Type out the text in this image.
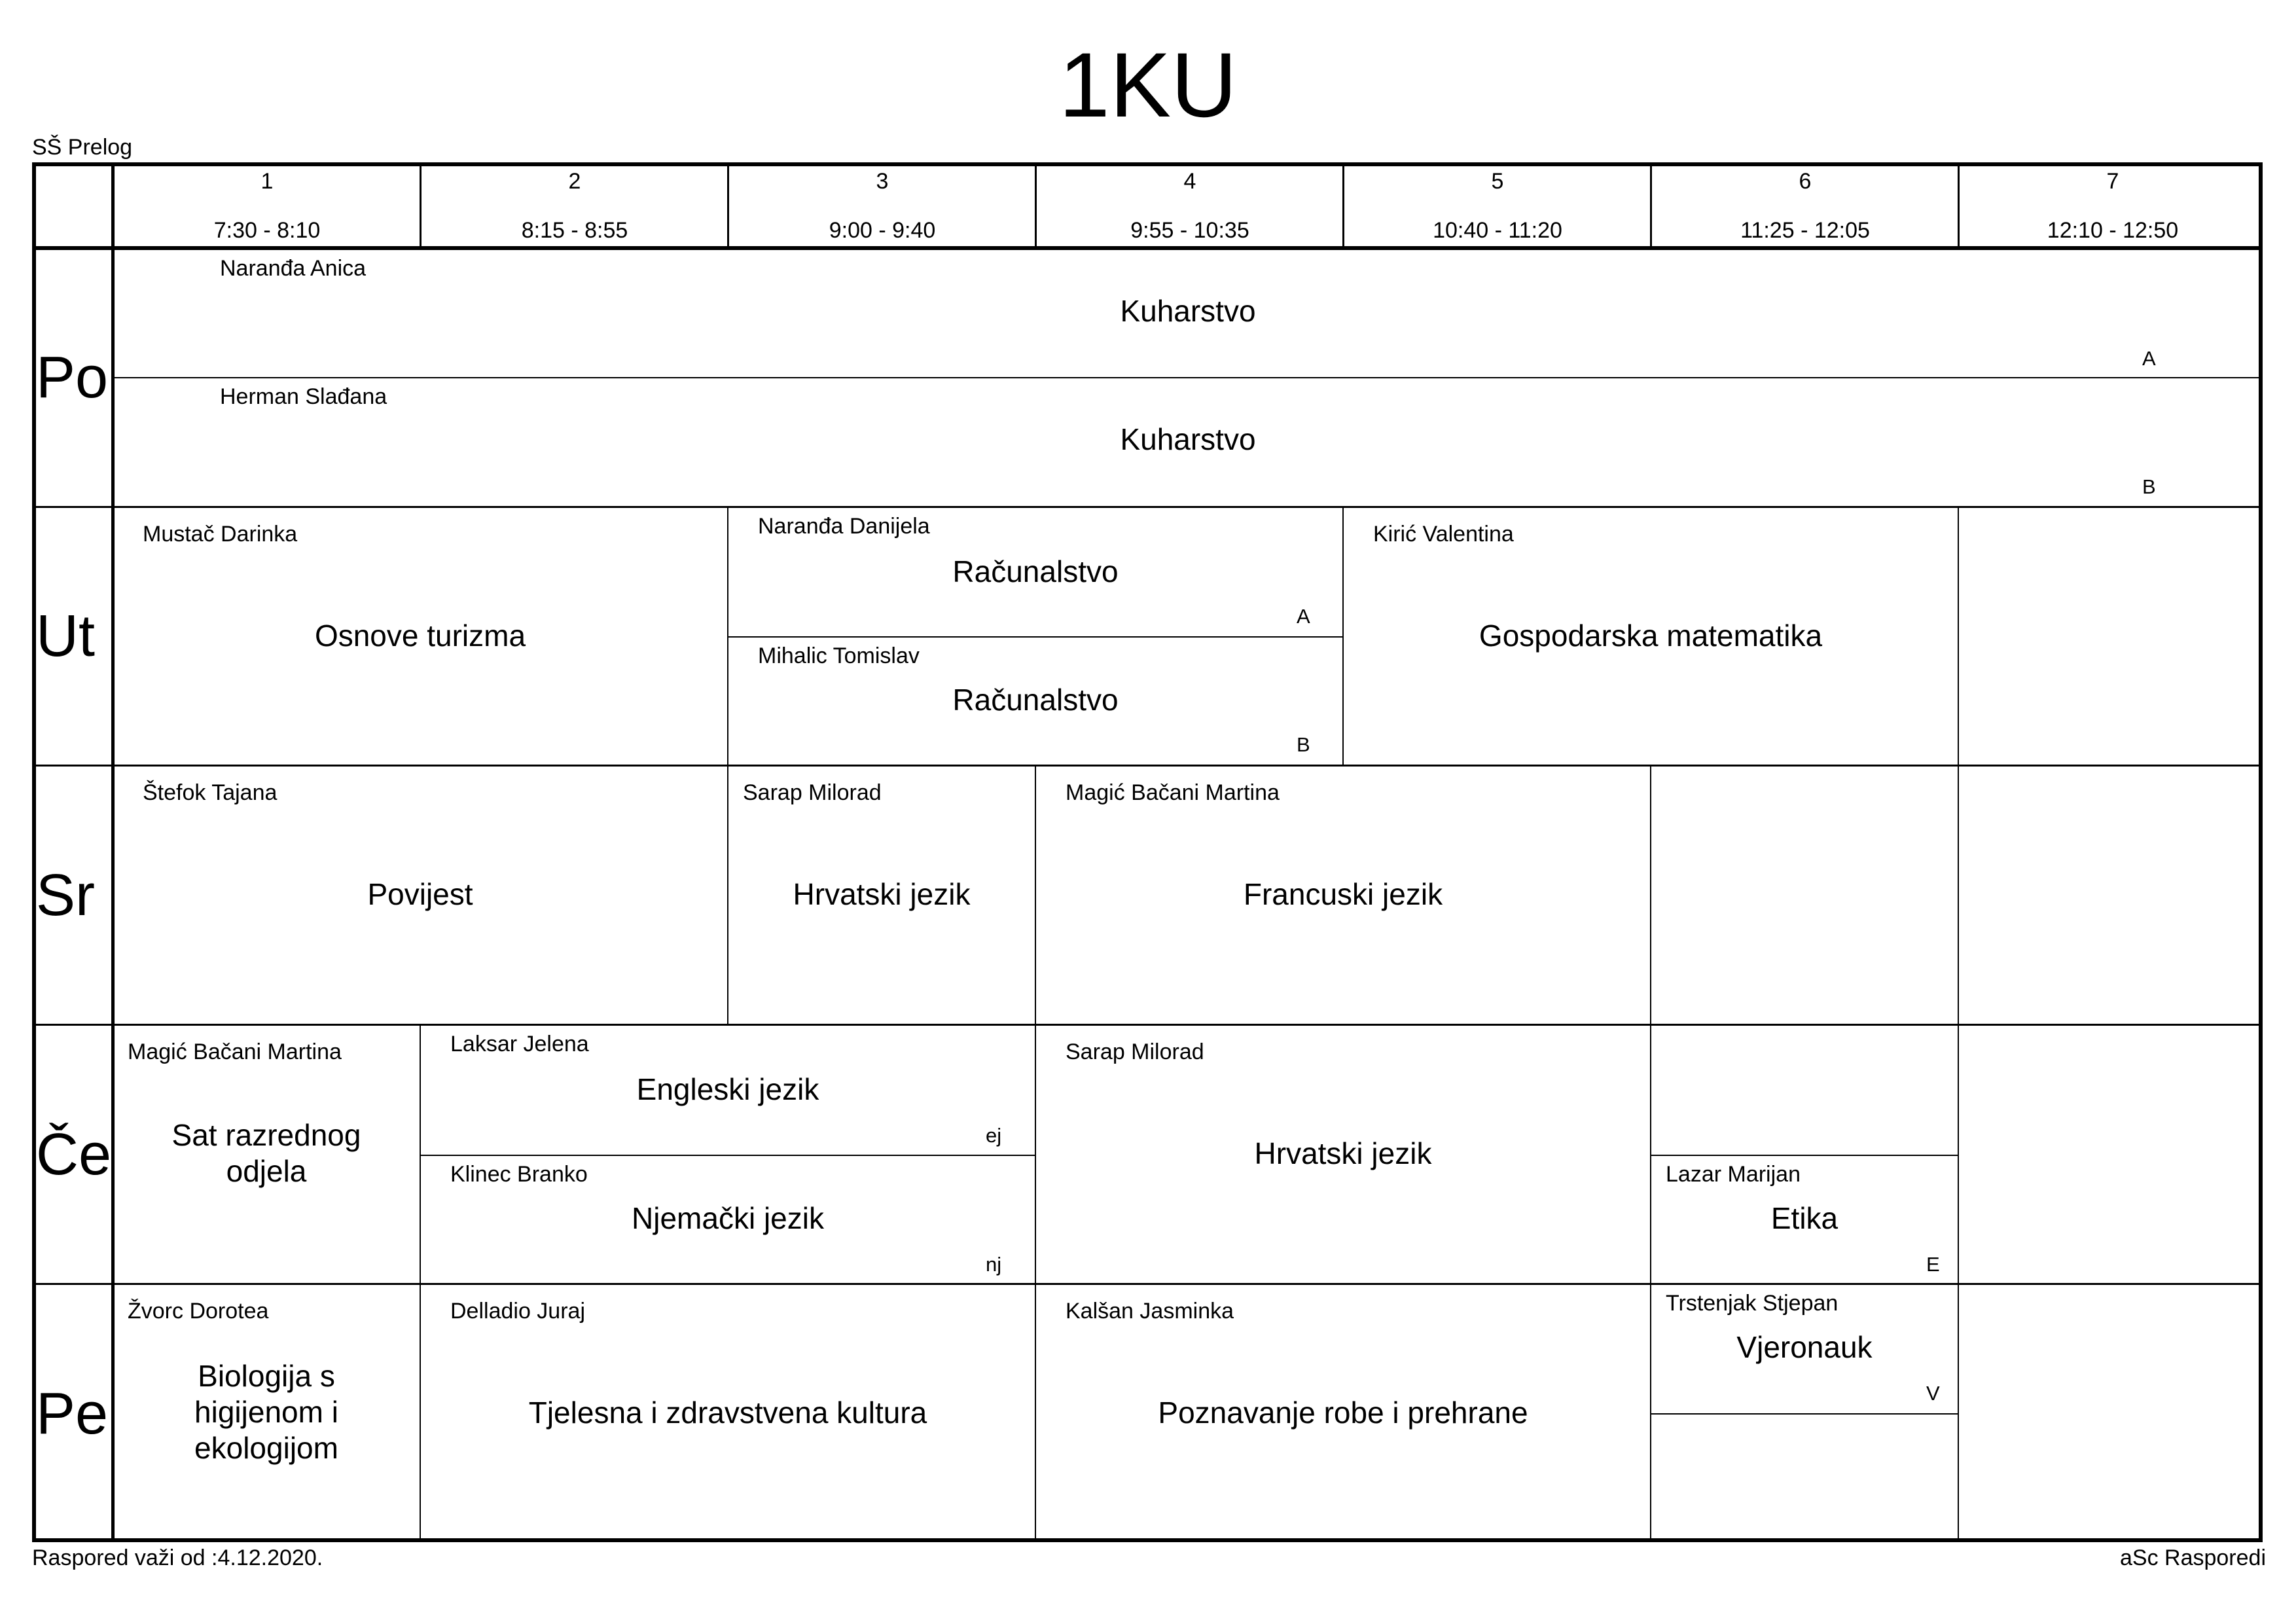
1KU
SŠ Prelog
1
7:30 - 8:10
2
8:15 - 8:55
3
9:00 - 9:40
4
9:55 - 10:35
5
10:40 - 11:20
6
11:25 - 12:05
7
12:10 - 12:50
Po
Ut
Sr
Če
Pe
Naranđa Anica
Kuharstvo
A
Herman Slađana
Kuharstvo
B
Mustač Darinka
Osnove turizma
Naranđa Danijela
Računalstvo
A
Mihalic Tomislav
Računalstvo
B
Kirić Valentina
Gospodarska matematika
Štefok Tajana
Povijest
Sarap Milorad
Hrvatski jezik
Magić Bačani Martina
Francuski jezik
Magić Bačani Martina
Sat razrednog
odjela
Laksar Jelena
Engleski jezik
ej
Klinec Branko
Njemački jezik
nj
Sarap Milorad
Hrvatski jezik
Lazar Marijan
Etika
E
Žvorc Dorotea
Biologija s
higijenom i
ekologijom
Delladio Juraj
Tjelesna i zdravstvena kultura
Kalšan Jasminka
Poznavanje robe i prehrane
Trstenjak Stjepan
Vjeronauk
V
Raspored važi od :4.12.2020.	aSc Rasporedi
